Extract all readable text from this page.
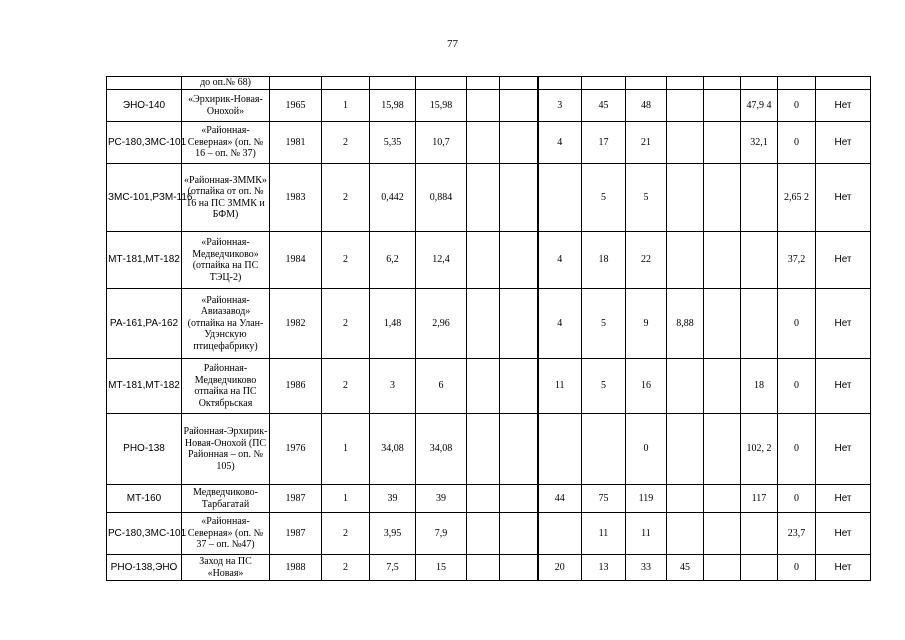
77
	до оп.№ 68)														
ЭНО-140	«Эрхирик-Новая-Онохой»	1965	1	15,98	15,98			3	45	48			47,9 4	0	Нет
РС-180,ЗМС-101	«Районная-Северная» (оп. № 16 – оп. № 37)	1981	2	5,35	10,7			4	17	21			32,1	0	Нет
ЗМС-101,РЗМ-116	«Районная-ЗММК» (отпайка от оп. № 16 на ПС ЗММК и БФМ)	1983	2	0,442	0,884				5	5				2,65 2	Нет
МТ-181,МТ-182	«Районная-Медведчиково» (отпайка на ПС ТЭЦ-2)	1984	2	6,2	12,4			4	18	22				37,2	Нет
РА-161,РА-162	«Районная-Авиазавод» (отпайка на Улан-Удэнскую птицефабрику)	1982	2	1,48	2,96			4	5	9	8,88			0	Нет
МТ-181,МТ-182	Районная-Медведчиково отпайка на ПС Октябрьская	1986	2	3	6			11	5	16			18	0	Нет
РНО-138	Районная-Эрхирик-Новая-Онохой (ПС Районная – оп. № 105)	1976	1	34,08	34,08					0			102, 2	0	Нет
МТ-160	Медведчиково-Тарбагатай	1987	1	39	39			44	75	119			117	0	Нет
РС-180,ЗМС-101	«Районная-Северная» (оп. № 37 – оп. №47)	1987	2	3,95	7,9				11	11				23,7	Нет
РНО-138,ЭНО	Заход на ПС «Новая»	1988	2	7,5	15			20	13	33	45			0	Нет
